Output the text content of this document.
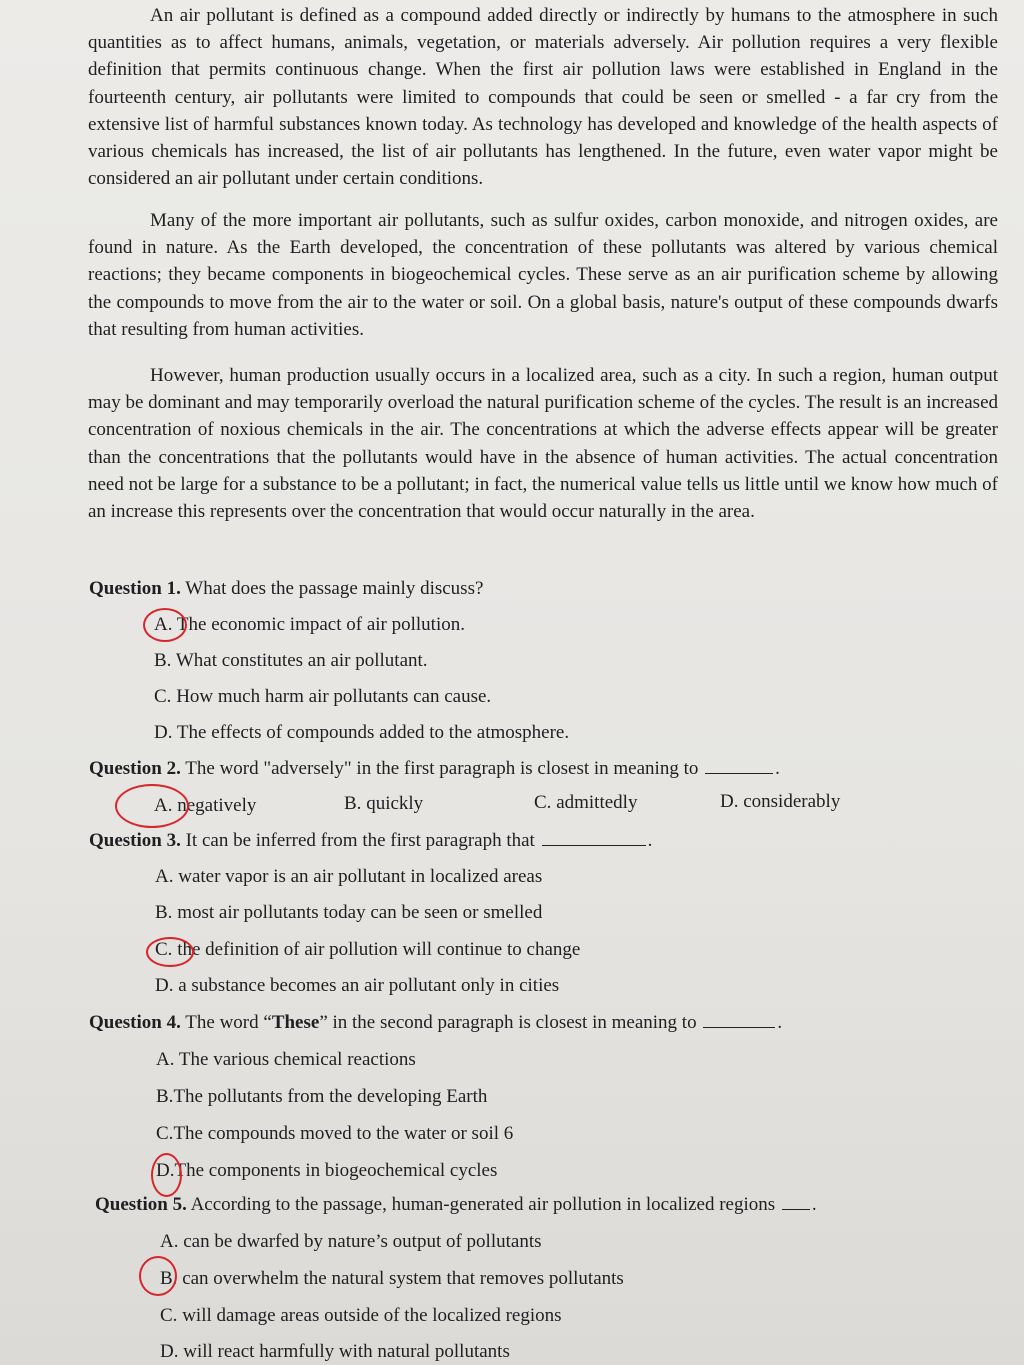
An air pollutant is defined as a compound added directly or indirectly by humans to the atmosphere in such quantities as to affect humans, animals, vegetation, or materials adversely. Air pollution requires a very flexible definition that permits continuous change. When the first air pollution laws were established in England in the fourteenth century, air pollutants were limited to compounds that could be seen or smelled - a far cry from the extensive list of harmful substances known today. As technology has developed and knowledge of the health aspects of various chemicals has increased, the list of air pollutants has lengthened. In the future, even water vapor might be considered an air pollutant under certain conditions.

Many of the more important air pollutants, such as sulfur oxides, carbon monoxide, and nitrogen oxides, are found in nature. As the Earth developed, the concentration of these pollutants was altered by various chemical reactions; they became components in biogeochemical cycles. These serve as an air purification scheme by allowing the compounds to move from the air to the water or soil. On a global basis, nature's output of these compounds dwarfs that resulting from human activities.

However, human production usually occurs in a localized area, such as a city. In such a region, human output may be dominant and may temporarily overload the natural purification scheme of the cycles. The result is an increased concentration of noxious chemicals in the air. The concentrations at which the adverse effects appear will be greater than the concentrations that the pollutants would have in the absence of human activities. The actual concentration need not be large for a substance to be a pollutant; in fact, the numerical value tells us little until we know how much of an increase this represents over the concentration that would occur naturally in the area.

Question 1. What does the passage mainly discuss?
A. The economic impact of air pollution.
B. What constitutes an air pollutant.
C. How much harm air pollutants can cause.
D. The effects of compounds added to the atmosphere.
Question 2. The word "adversely" in the first paragraph is closest in meaning to	.
A. negatively	B. quickly	C. admittedly	D. considerably
Question 3. It can be inferred from the first paragraph that	.
A. water vapor is an air pollutant in localized areas
B. most air pollutants today can be seen or smelled
C. the definition of air pollution will continue to change
D. a substance becomes an air pollutant only in cities
Question 4. The word “These” in the second paragraph is closest in meaning to	.
A. The various chemical reactions
B.The pollutants from the developing Earth
C.The compounds moved to the water or soil 6
D.The components in biogeochemical cycles
Question 5. According to the passage, human-generated air pollution in localized regions .
A. can be dwarfed by nature’s output of pollutants
B. can overwhelm the natural system that removes pollutants
C. will damage areas outside of the localized regions
D. will react harmfully with natural pollutants
